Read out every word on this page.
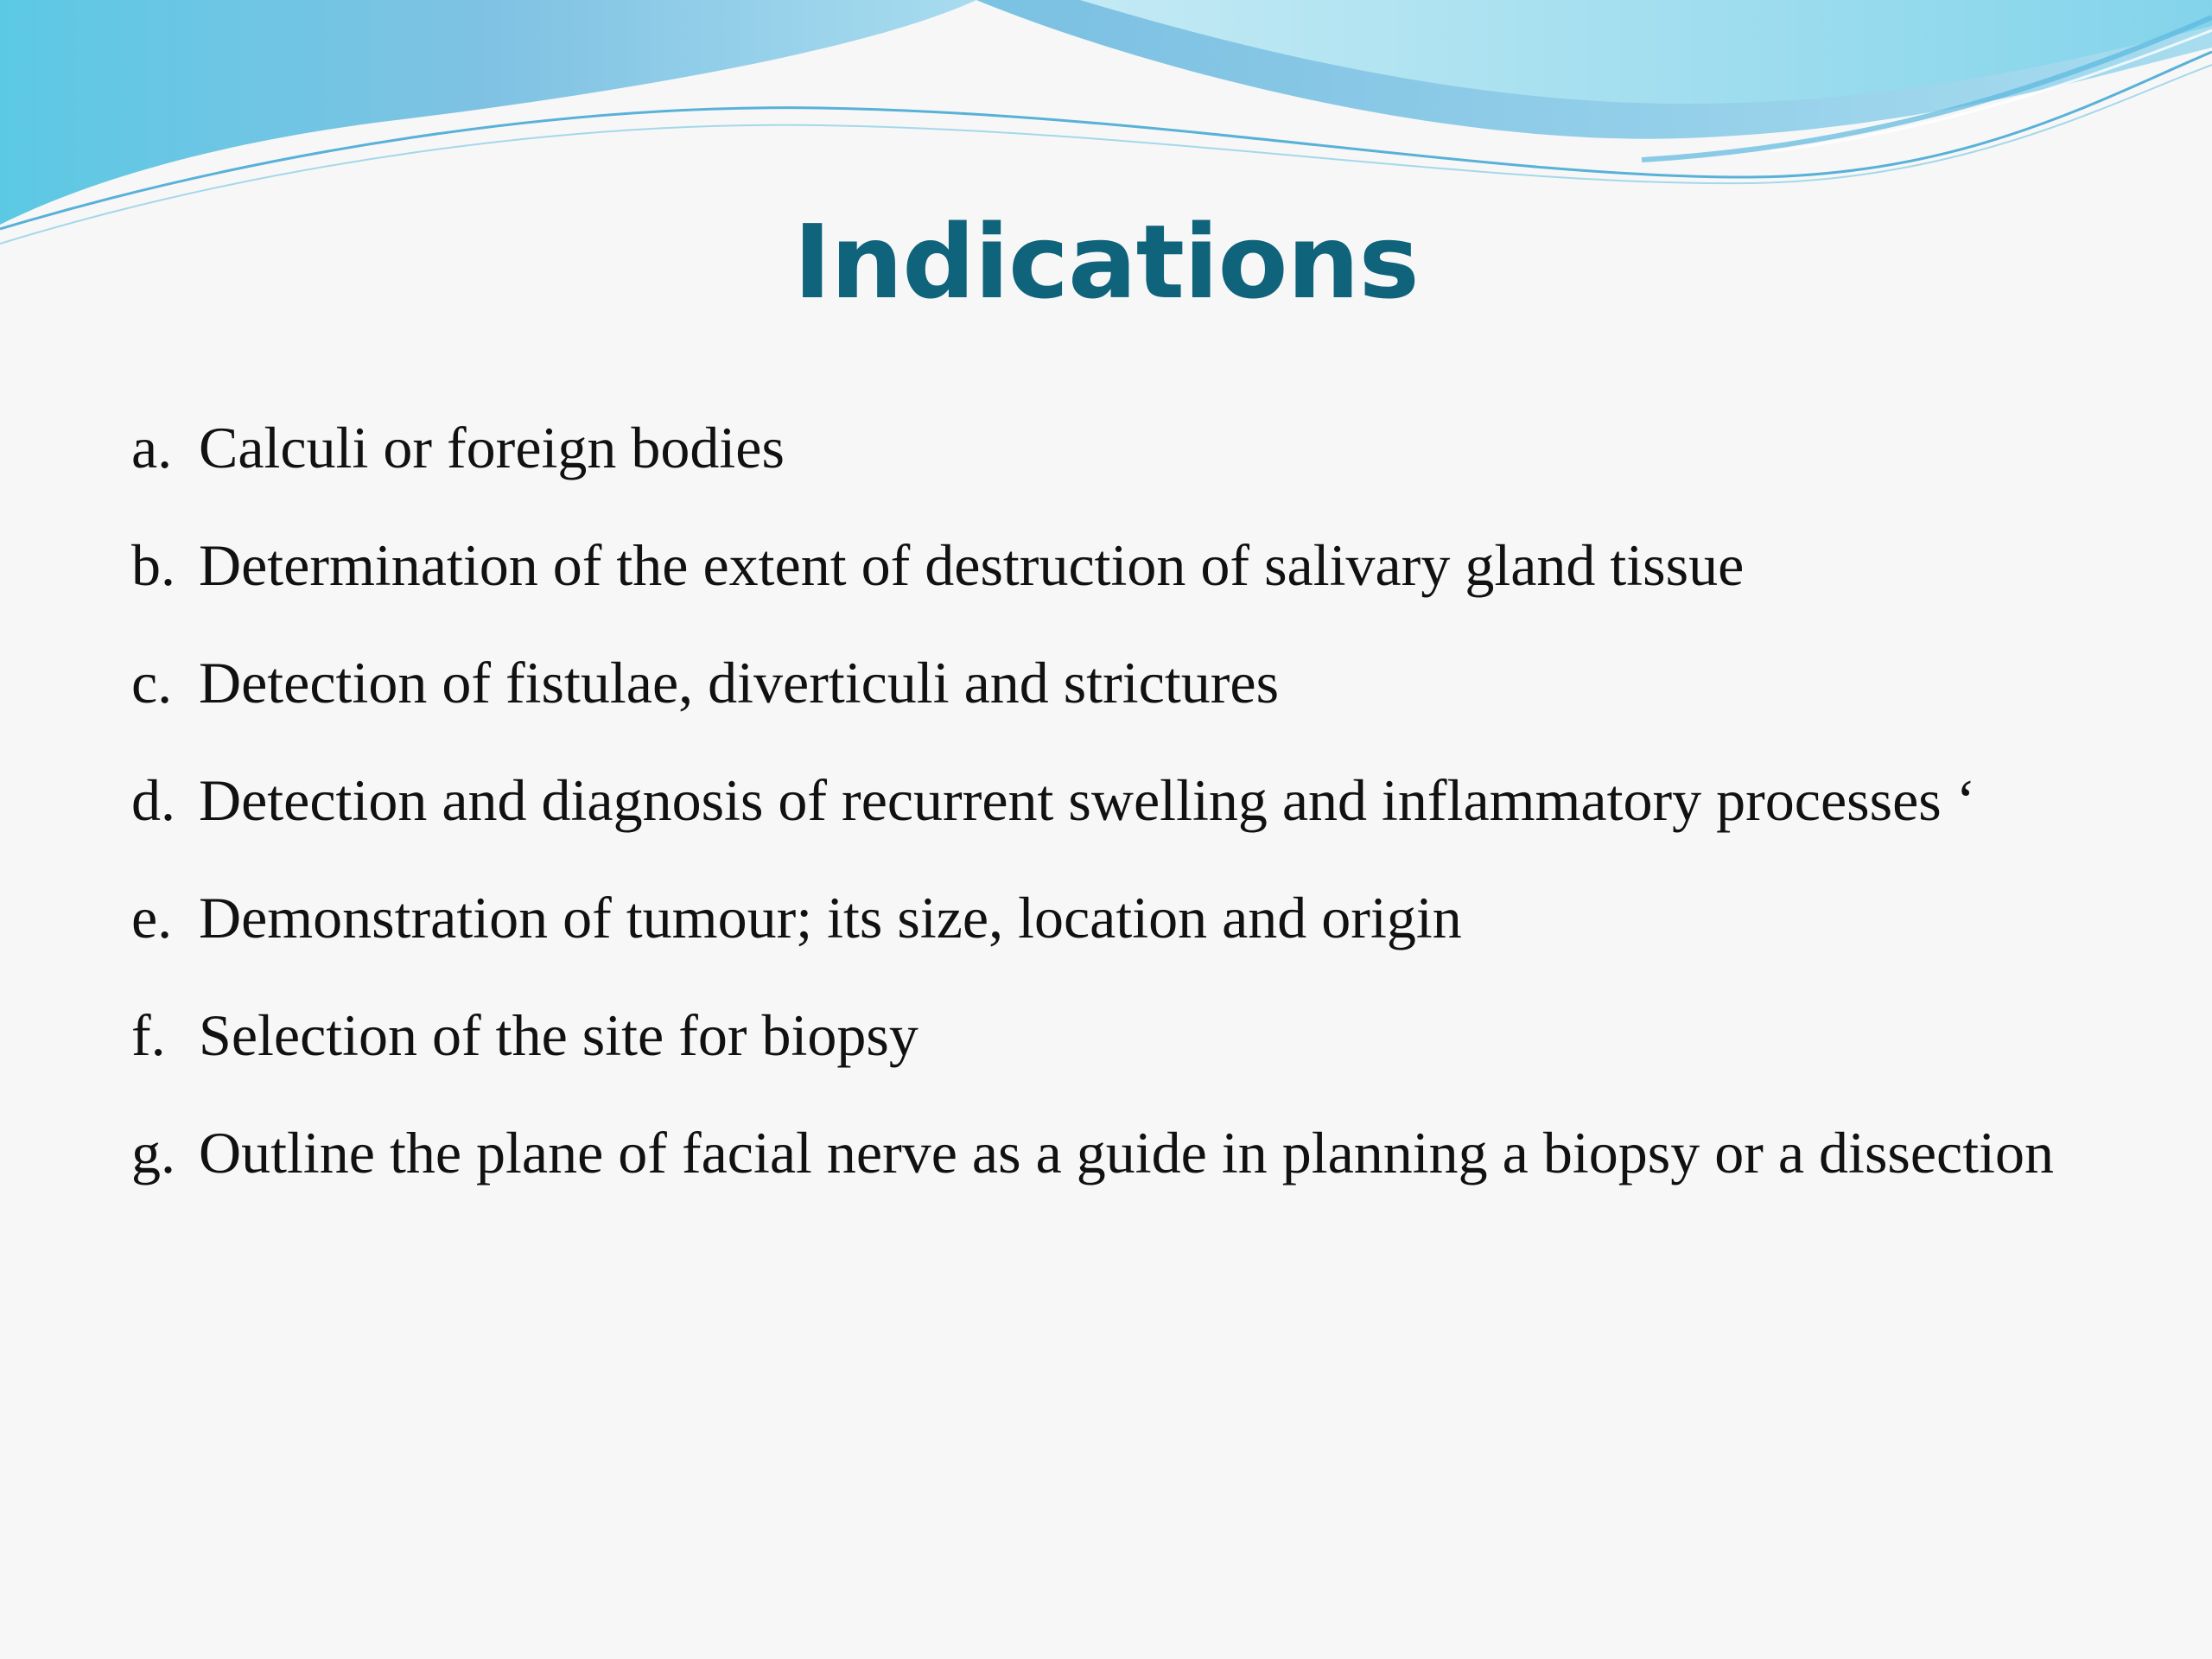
Indications
a. Calculi or foreign bodies
b. Determination of the extent of destruction of salivary gland tissue
c. Detection of fistulae, diverticuli and strictures
d. Detection and diagnosis of recurrent swelling and inflammatory processes ‘
e. Demonstration of tumour; its size, location and origin
f. Selection of the site for biopsy
g. Outline the plane of facial nerve as a guide in planning a biopsy or a dissection
